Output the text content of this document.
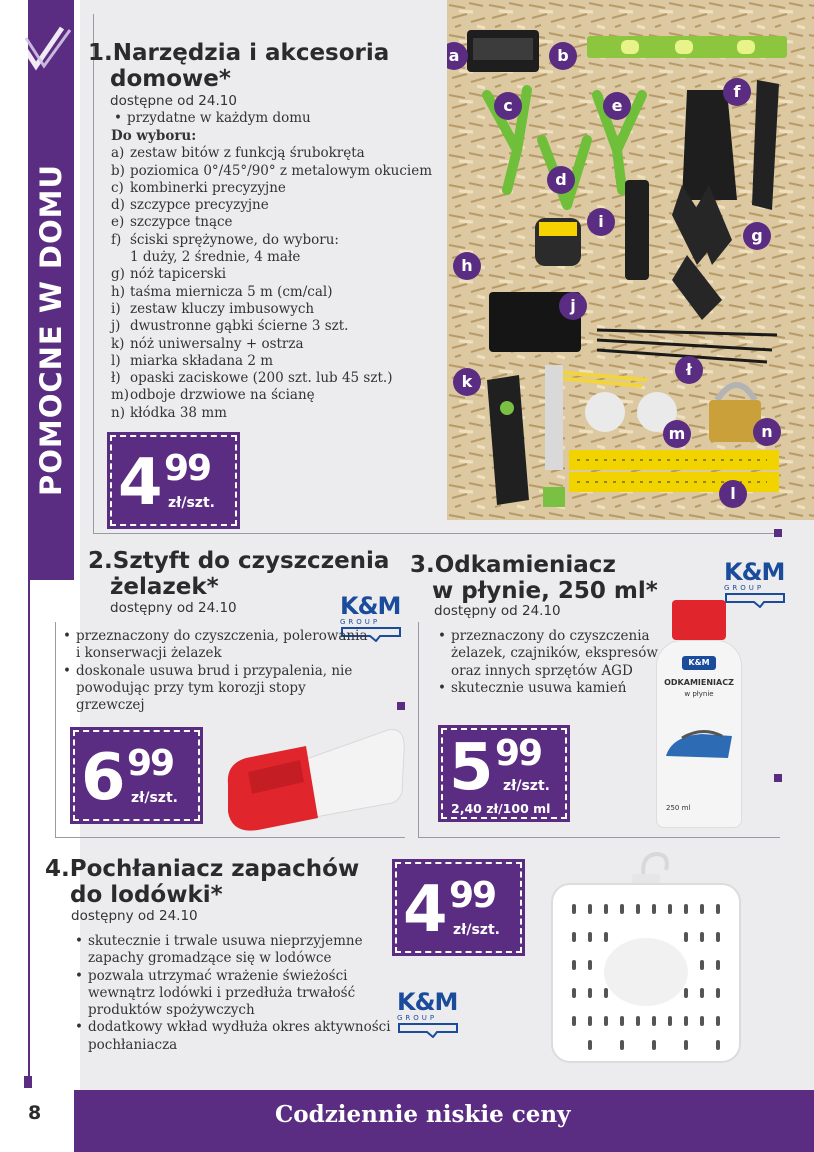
POMOCNE W DOMU
1.Narzędzia i akcesoria
domowe*
dostępne od 24.10
• przydatne w każdym domu
Do wyboru:
a) zestaw bitów z funkcją śrubokręta
b) poziomica 0°/45°/90° z metalowym okuciem
c) kombinerki precyzyjne
d) szczypce precyzyjne
e) szczypce tnące
f) ściski sprężynowe, do wyboru:
1 duży, 2 średnie, 4 małe
g) nóż tapicerski
h) taśma miernicza 5 m (cm/cal)
i) zestaw kluczy imbusowych
j) dwustronne gąbki ścierne 3 szt.
k) nóż uniwersalny + ostrza
l) miarka składana 2 m
ł) opaski zaciskowe (200 szt. lub 45 szt.)
m) odboje drzwiowe na ścianę
n) kłódka 38 mm
4 99
zł/szt.
a	b
c
d
e
f
g
h
i
j
k
ł
m	n
l
2.Sztyft do czyszczenia
żelazek*
dostępny od 24.10	K&M
GROUP
• przeznaczony do czyszczenia, polerowania i konserwacji żelazek
• doskonale usuwa brud i przypalenia, nie powodując przy tym korozji stopy grzewczej
6 99
zł/szt.
3.Odkamieniacz
w płynie, 250 ml*
dostępny od 24.10
K&M
GROUP
• przeznaczony do czyszczenia żelazek, czajników, ekspresów oraz innych sprzętów AGD
• skutecznie usuwa kamień
5 99
zł/szt.
2,40 zł/100 ml
K&M
ODKAMIENIACZ
w płynie
250 ml
4.Pochłaniacz zapachów
do lodówki*
dostępny od 24.10
• skutecznie i trwale usuwa nieprzyjemne zapachy gromadzące się w lodówce
• pozwala utrzymać wrażenie świeżości wewnątrz lodówki i przedłuża trwałość produktów spożywczych
• dodatkowy wkład wydłuża okres aktywności pochłaniacza
4 99
zł/szt.
K&M
GROUP
8	Codziennie niskie ceny
